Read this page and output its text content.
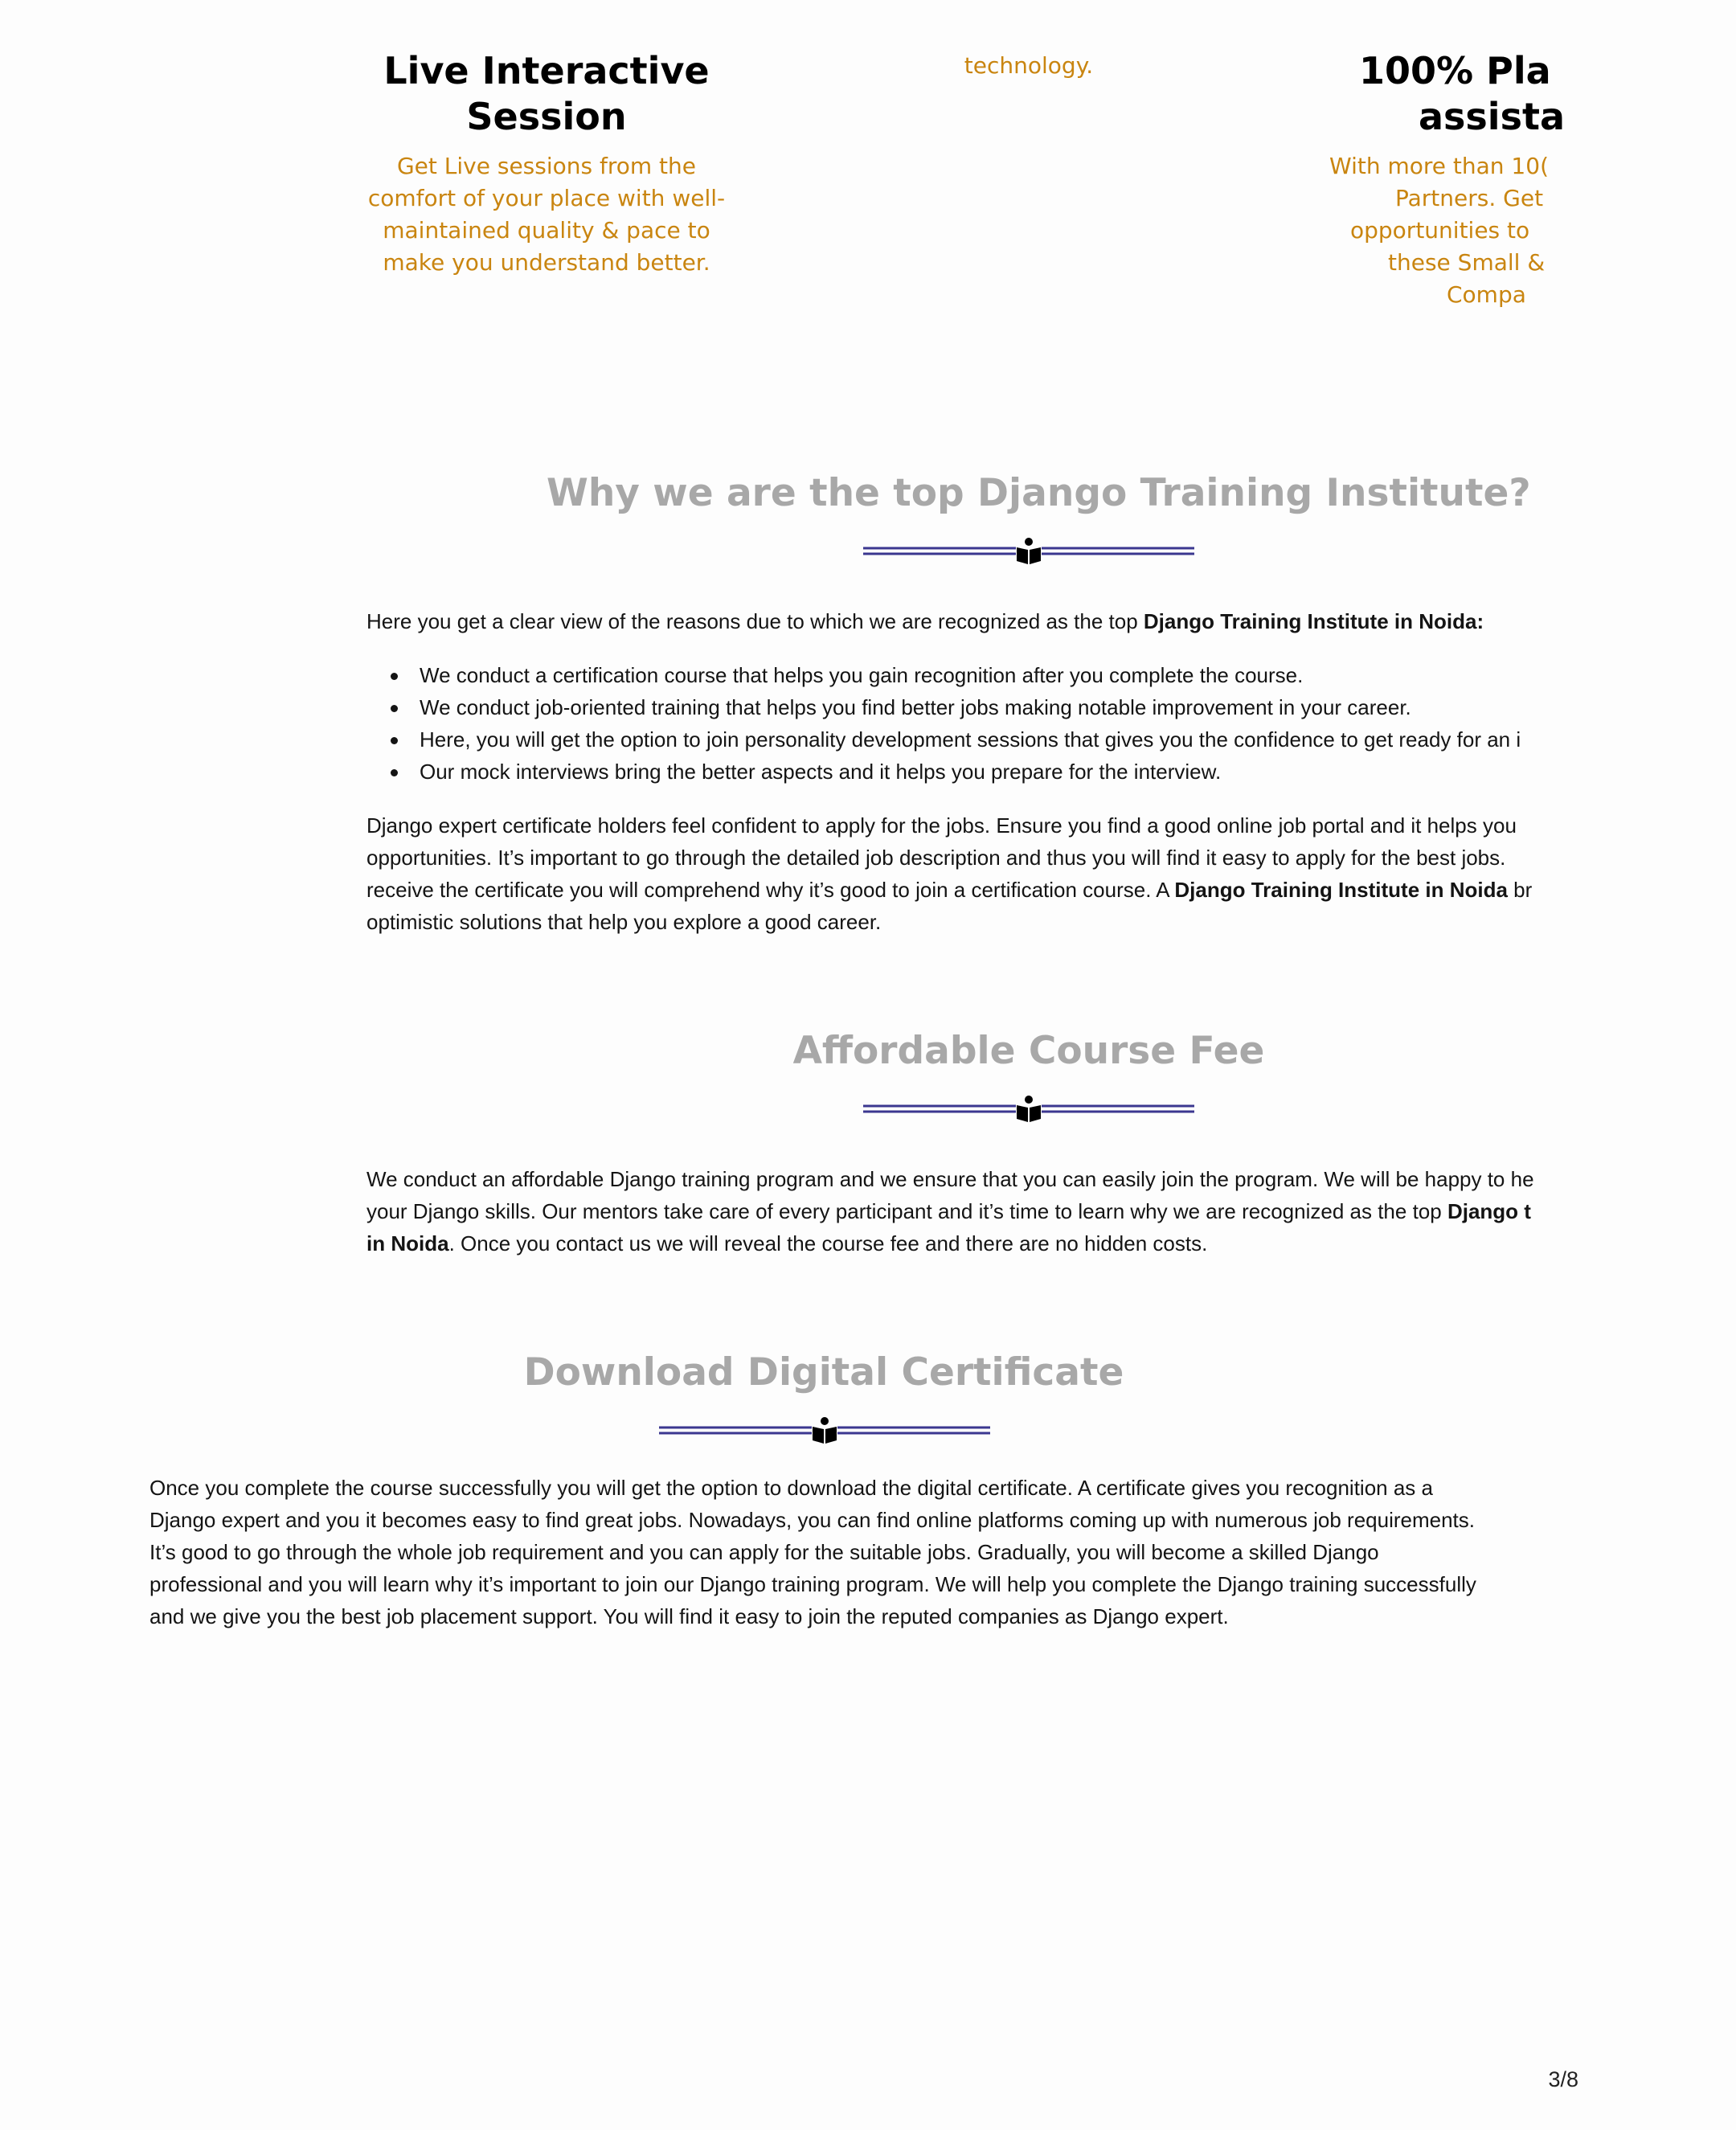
Live Interactive
Session
Get Live sessions from the
comfort of your place with well-
maintained quality & pace to
make you understand better.
technology.	100% Pla
assista
With more than 10(
Partners. Get
opportunities to
these Small &
Compa
Why we are the top Django Training Institute?

Here you get a clear view of the reasons due to which we are recognized as the top Django Training Institute in Noida:

We conduct a certification course that helps you gain recognition after you complete the course.
We conduct job-oriented training that helps you find better jobs making notable improvement in your career.
Here, you will get the option to join personality development sessions that gives you the confidence to get ready for an i
Our mock interviews bring the better aspects and it helps you prepare for the interview.
Django expert certificate holders feel confident to apply for the jobs. Ensure you find a good online job portal and it helps you
opportunities. It’s important to go through the detailed job description and thus you will find it easy to apply for the best jobs.
receive the certificate you will comprehend why it’s good to join a certification course. A Django Training Institute in Noida br
optimistic solutions that help you explore a good career.
Affordable Course Fee
We conduct an affordable Django training program and we ensure that you can easily join the program. We will be happy to he
your Django skills. Our mentors take care of every participant and it’s time to learn why we are recognized as the top Django t
in Noida. Once you contact us we will reveal the course fee and there are no hidden costs.
Download Digital Certificate
Once you complete the course successfully you will get the option to download the digital certificate. A certificate gives you recognition as a
Django expert and you it becomes easy to find great jobs. Nowadays, you can find online platforms coming up with numerous job requirements.
It’s good to go through the whole job requirement and you can apply for the suitable jobs. Gradually, you will become a skilled Django
professional and you will learn why it’s important to join our Django training program. We will help you complete the Django training successfully
and we give you the best job placement support. You will find it easy to join the reputed companies as Django expert.
3/8
